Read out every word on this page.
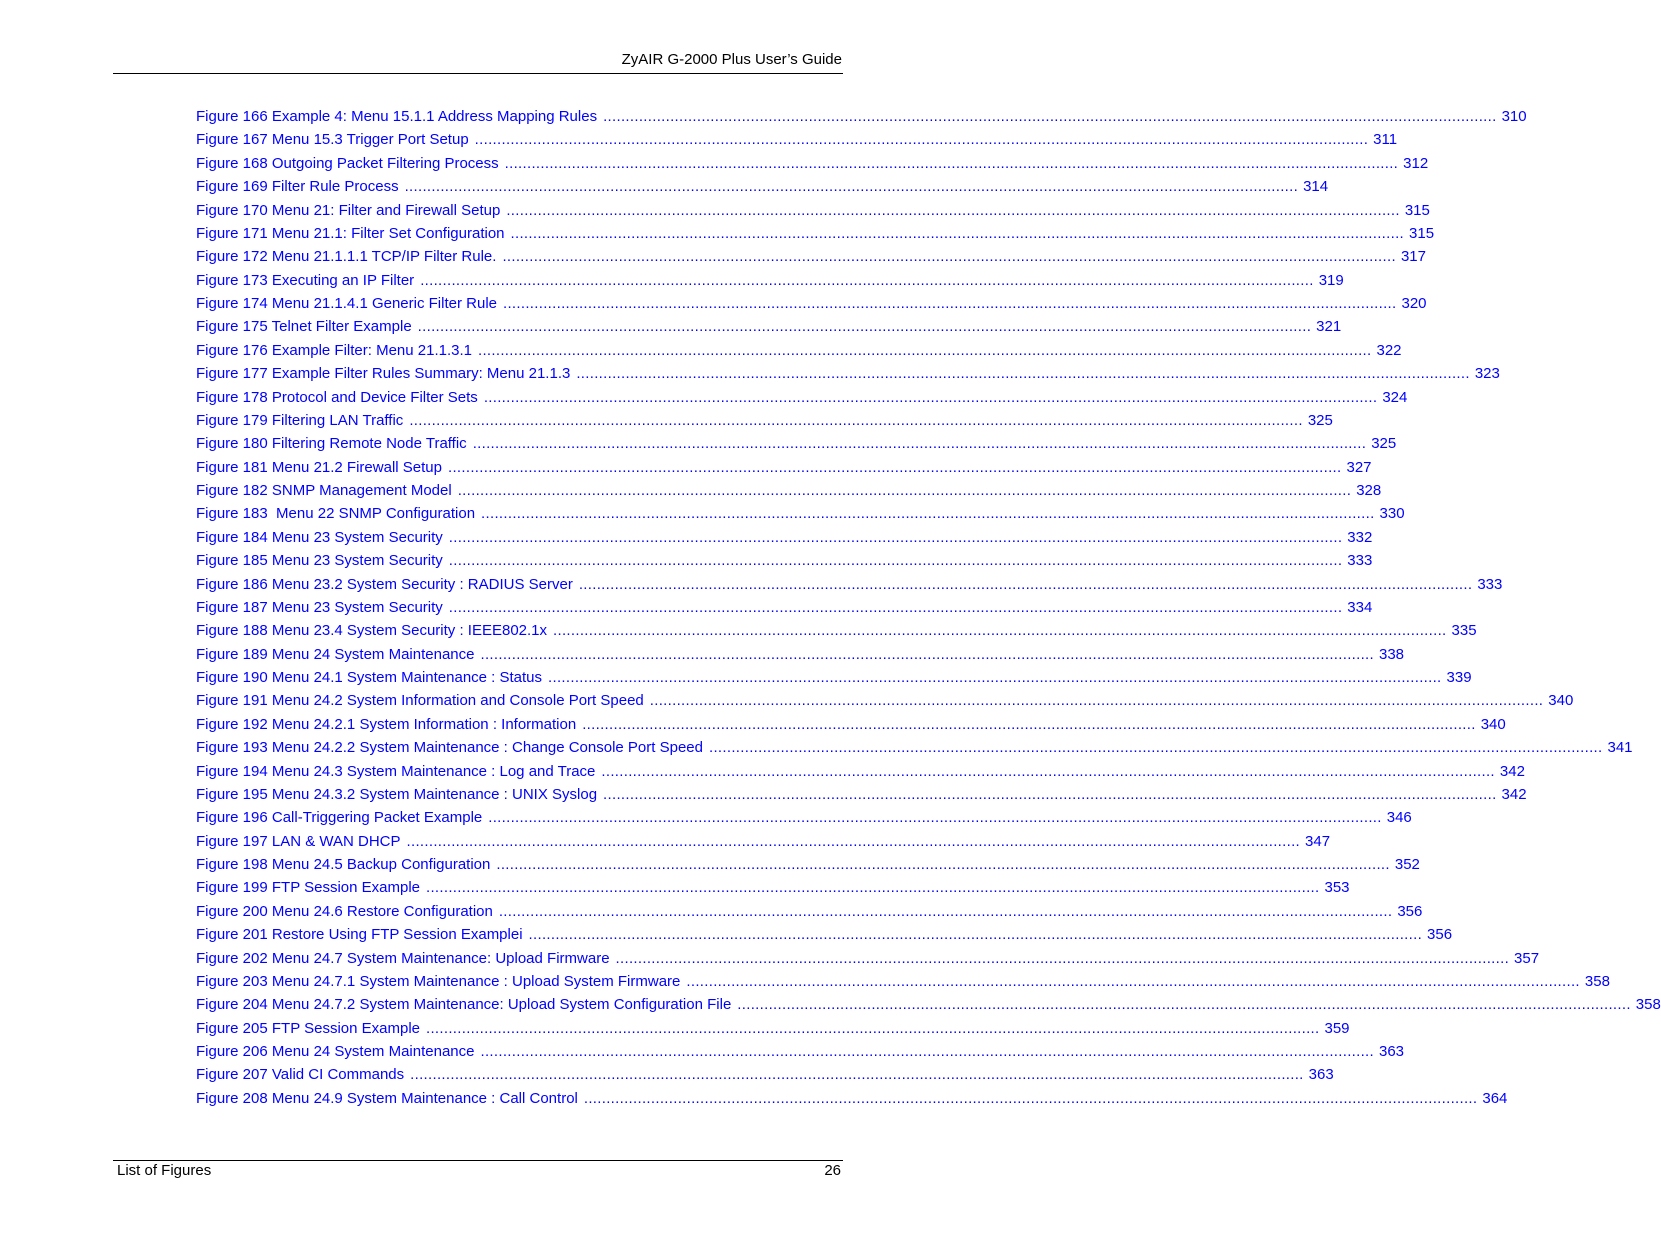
ZyAIR G-2000 Plus User’s Guide
Figure 166 Example 4: Menu 15.1.1 Address Mapping Rules ........................................................................................................................................................................................................ 310
Figure 167 Menu 15.3 Trigger Port Setup ........................................................................................................................................................................................................ 311
Figure 168 Outgoing Packet Filtering Process ........................................................................................................................................................................................................ 312
Figure 169 Filter Rule Process ........................................................................................................................................................................................................ 314
Figure 170 Menu 21: Filter and Firewall Setup ........................................................................................................................................................................................................ 315
Figure 171 Menu 21.1: Filter Set Configuration ........................................................................................................................................................................................................ 315
Figure 172 Menu 21.1.1.1 TCP/IP Filter Rule. ........................................................................................................................................................................................................ 317
Figure 173 Executing an IP Filter ........................................................................................................................................................................................................ 319
Figure 174 Menu 21.1.4.1 Generic Filter Rule ........................................................................................................................................................................................................ 320
Figure 175 Telnet Filter Example ........................................................................................................................................................................................................ 321
Figure 176 Example Filter: Menu 21.1.3.1 ........................................................................................................................................................................................................ 322
Figure 177 Example Filter Rules Summary: Menu 21.1.3 ........................................................................................................................................................................................................ 323
Figure 178 Protocol and Device Filter Sets ........................................................................................................................................................................................................ 324
Figure 179 Filtering LAN Traffic ........................................................................................................................................................................................................ 325
Figure 180 Filtering Remote Node Traffic ........................................................................................................................................................................................................ 325
Figure 181 Menu 21.2 Firewall Setup ........................................................................................................................................................................................................ 327
Figure 182 SNMP Management Model ........................................................................................................................................................................................................ 328
Figure 183  Menu 22 SNMP Configuration ........................................................................................................................................................................................................ 330
Figure 184 Menu 23 System Security ........................................................................................................................................................................................................ 332
Figure 185 Menu 23 System Security ........................................................................................................................................................................................................ 333
Figure 186 Menu 23.2 System Security : RADIUS Server ........................................................................................................................................................................................................ 333
Figure 187 Menu 23 System Security ........................................................................................................................................................................................................ 334
Figure 188 Menu 23.4 System Security : IEEE802.1x ........................................................................................................................................................................................................ 335
Figure 189 Menu 24 System Maintenance ........................................................................................................................................................................................................ 338
Figure 190 Menu 24.1 System Maintenance : Status ........................................................................................................................................................................................................ 339
Figure 191 Menu 24.2 System Information and Console Port Speed ........................................................................................................................................................................................................ 340
Figure 192 Menu 24.2.1 System Information : Information ........................................................................................................................................................................................................ 340
Figure 193 Menu 24.2.2 System Maintenance : Change Console Port Speed ........................................................................................................................................................................................................ 341
Figure 194 Menu 24.3 System Maintenance : Log and Trace ........................................................................................................................................................................................................ 342
Figure 195 Menu 24.3.2 System Maintenance : UNIX Syslog ........................................................................................................................................................................................................ 342
Figure 196 Call-Triggering Packet Example ........................................................................................................................................................................................................ 346
Figure 197 LAN & WAN DHCP ........................................................................................................................................................................................................ 347
Figure 198 Menu 24.5 Backup Configuration ........................................................................................................................................................................................................ 352
Figure 199 FTP Session Example ........................................................................................................................................................................................................ 353
Figure 200 Menu 24.6 Restore Configuration ........................................................................................................................................................................................................ 356
Figure 201 Restore Using FTP Session Examplei ........................................................................................................................................................................................................ 356
Figure 202 Menu 24.7 System Maintenance: Upload Firmware ........................................................................................................................................................................................................ 357
Figure 203 Menu 24.7.1 System Maintenance : Upload System Firmware ........................................................................................................................................................................................................ 358
Figure 204 Menu 24.7.2 System Maintenance: Upload System Configuration File ........................................................................................................................................................................................................ 358
Figure 205 FTP Session Example ........................................................................................................................................................................................................ 359
Figure 206 Menu 24 System Maintenance ........................................................................................................................................................................................................ 363
Figure 207 Valid CI Commands ........................................................................................................................................................................................................ 363
Figure 208 Menu 24.9 System Maintenance : Call Control ........................................................................................................................................................................................................ 364
List of Figures	26
